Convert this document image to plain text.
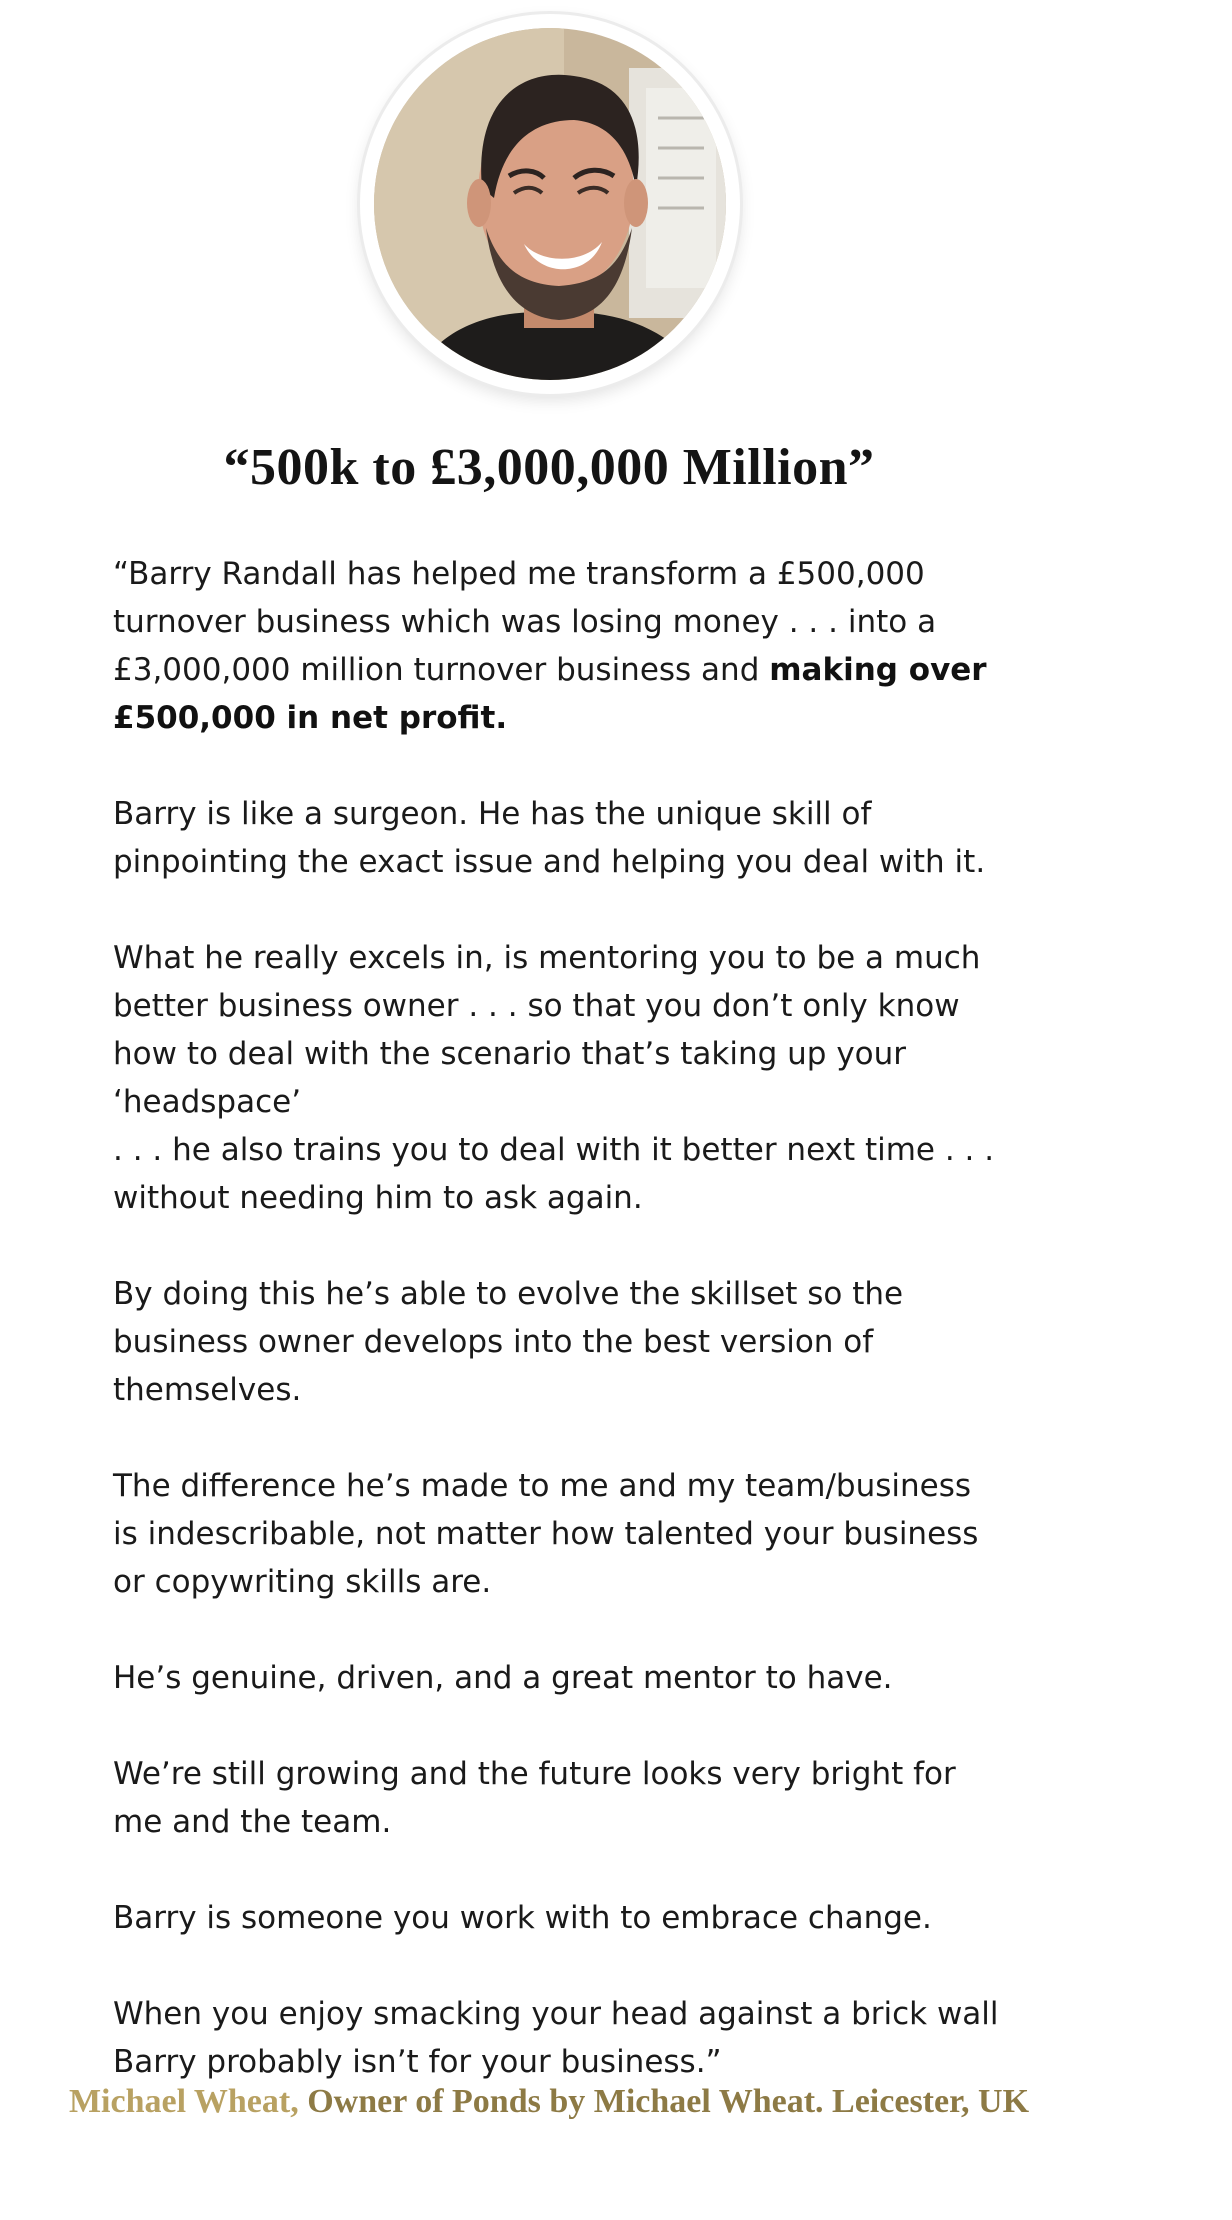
“500k to £3,000,000 Million”

“Barry Randall has helped me transform a £500,000 turnover business which was losing money . . . into a £3,000,000 million turnover business and making over £500,000 in net profit.

Barry is like a surgeon. He has the unique skill of pinpointing the exact issue and helping you deal with it.

What he really excels in, is mentoring you to be a much better business owner . . . so that you don’t only know how to deal with the scenario that’s taking up your ‘headspace’
. . . he also trains you to deal with it better next time . . . without needing him to ask again.

By doing this he’s able to evolve the skillset so the business owner develops into the best version of themselves.

The difference he’s made to me and my team/business is indescribable, not matter how talented your business or copywriting skills are.

He’s genuine, driven, and a great mentor to have.

We’re still growing and the future looks very bright for me and the team.

Barry is someone you work with to embrace change.

When you enjoy smacking your head against a brick wall Barry probably isn’t for your business.”

Michael Wheat, Owner of Ponds by Michael Wheat. Leicester, UK
